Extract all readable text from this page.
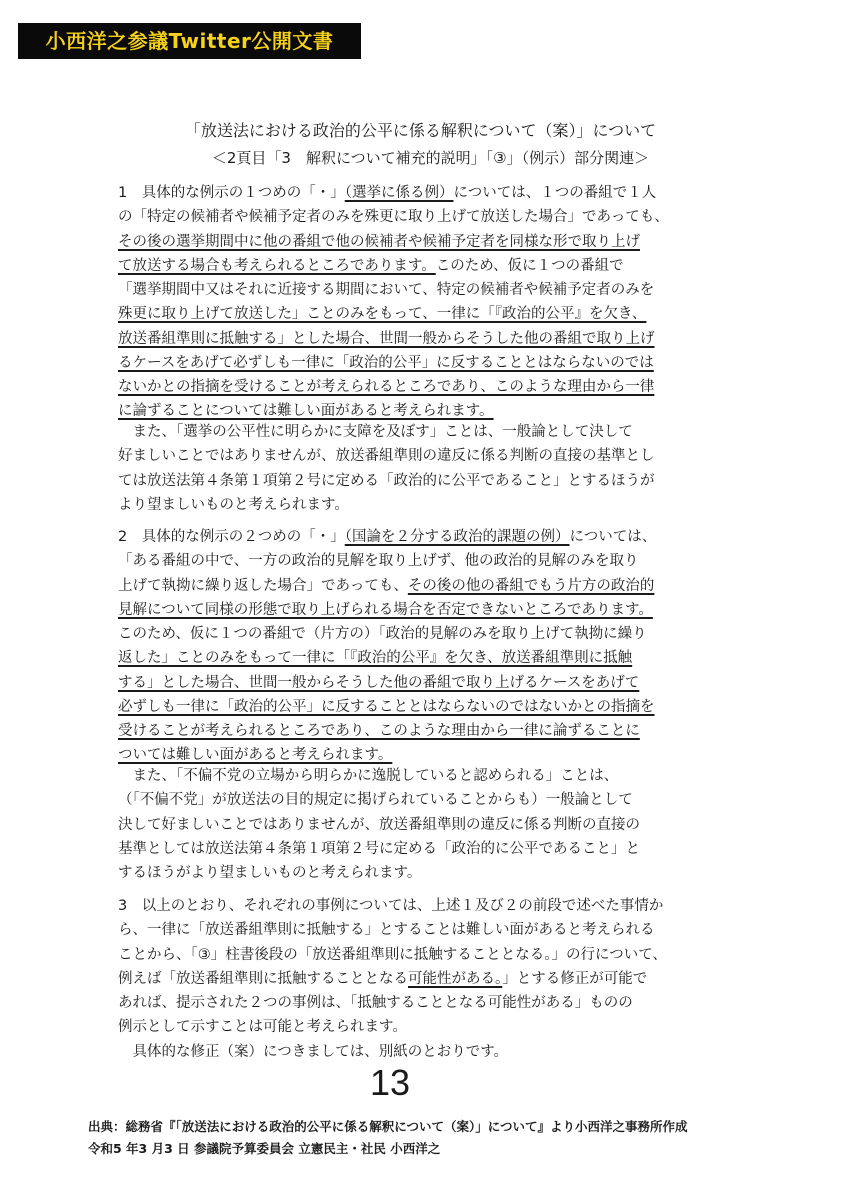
小西洋之参議Twitter公開文書
「放送法における政治的公平に係る解釈について（案）」について
＜2頁目「3　解釈について補充的説明」「③」（例示）部分関連＞
1　具体的な例示の１つめの「・」（選挙に係る例）については、１つの番組で１人
の「特定の候補者や候補予定者のみを殊更に取り上げて放送した場合」であっても、
その後の選挙期間中に他の番組で他の候補者や候補予定者を同様な形で取り上げ
て放送する場合も考えられるところであります。このため、仮に１つの番組で
「選挙期間中又はそれに近接する期間において、特定の候補者や候補予定者のみを
殊更に取り上げて放送した」ことのみをもって、一律に「『政治的公平』を欠き、
放送番組準則に抵触する」とした場合、世間一般からそうした他の番組で取り上げ
るケースをあげて必ずしも一律に「政治的公平」に反することとはならないのでは
ないかとの指摘を受けることが考えられるところであり、このような理由から一律
に論ずることについては難しい面があると考えられます。
　また、「選挙の公平性に明らかに支障を及ぼす」ことは、一般論として決して
好ましいことではありませんが、放送番組準則の違反に係る判断の直接の基準とし
ては放送法第４条第１項第２号に定める「政治的に公平であること」とするほうが
より望ましいものと考えられます。
2　具体的な例示の２つめの「・」（国論を２分する政治的課題の例）については、
「ある番組の中で、一方の政治的見解を取り上げず、他の政治的見解のみを取り
上げて執拗に繰り返した場合」であっても、その後の他の番組でもう片方の政治的
見解について同様の形態で取り上げられる場合を否定できないところであります。
このため、仮に１つの番組で（片方の）「政治的見解のみを取り上げて執拗に繰り
返した」ことのみをもって一律に「『政治的公平』を欠き、放送番組準則に抵触
する」とした場合、世間一般からそうした他の番組で取り上げるケースをあげて
必ずしも一律に「政治的公平」に反することとはならないのではないかとの指摘を
受けることが考えられるところであり、このような理由から一律に論ずることに
ついては難しい面があると考えられます。
　また、「不偏不党の立場から明らかに逸脱していると認められる」ことは、
（「不偏不党」が放送法の目的規定に掲げられていることからも）一般論として
決して好ましいことではありませんが、放送番組準則の違反に係る判断の直接の
基準としては放送法第４条第１項第２号に定める「政治的に公平であること」と
するほうがより望ましいものと考えられます。
3　以上のとおり、それぞれの事例については、上述１及び２の前段で述べた事情か
ら、一律に「放送番組準則に抵触する」とすることは難しい面があると考えられる
ことから、「③」柱書後段の「放送番組準則に抵触することとなる。」の行について、
例えば「放送番組準則に抵触することとなる可能性がある。」とする修正が可能で
あれば、提示された２つの事例は、「抵触することとなる可能性がある」ものの
例示として示すことは可能と考えられます。
　具体的な修正（案）につきましては、別紙のとおりです。
13
出典：総務省『「放送法における政治的公平に係る解釈について（案）」について』より小西洋之事務所作成
令和5 年3 月3 日 参議院予算委員会 立憲民主・社民 小西洋之
